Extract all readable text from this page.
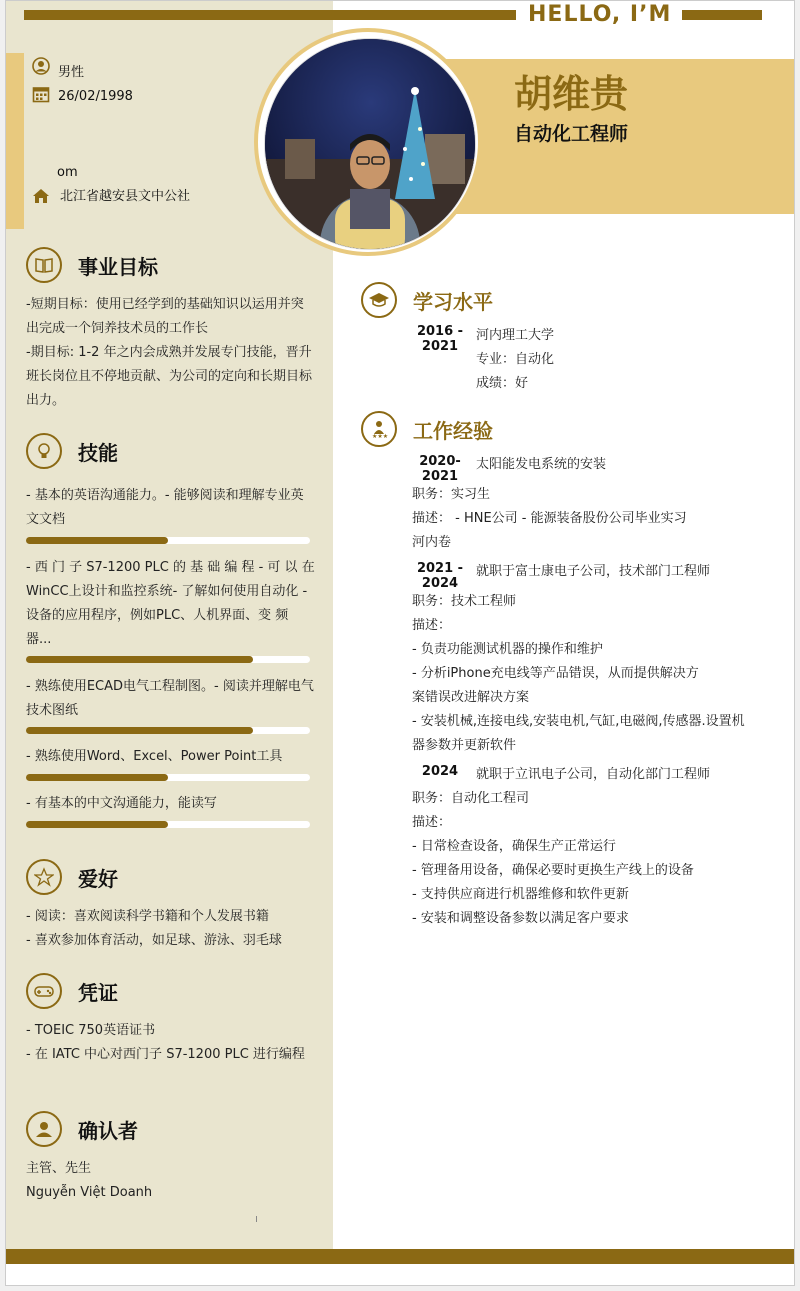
HELLO, I’M
胡维贵
自动化工程师
男性
26/02/1998
om
北江省越安县文中公社
事业目标
-短期目标：使用已经学到的基础知识以运用并突出完成一个饲养技术员的工作长
-期目标: 1-2 年之内会成熟并发展专门技能，晋升班长岗位且不停地贡献、为公司的定向和长期目标出力。
技能
- 基本的英语沟通能力。- 能够阅读和理解专业英文文档
- 西 门 子 S7-1200 PLC 的 基 础 编 程 - 可 以 在WinCC上设计和监控系统- 了解如何使用自动化 - 设备的应用程序，例如PLC、人机界面、变 频 器...
- 熟练使用ECAD电气工程制图。- 阅读并理解电气技术图纸
- 熟练使用Word、Excel、Power Point工具
- 有基本的中文沟通能力，能读写
爱好
- 阅读：喜欢阅读科学书籍和个人发展书籍
- 喜欢参加体育活动，如足球、游泳、羽毛球
凭证
- TOEIC 750英语证书
- 在 IATC 中心对西门子 S7-1200 PLC 进行编程
确认者
主管、先生
Nguyễn Việt Doanh
学习水平
2016 -
2021
河内理工大学
专业：自动化
成绩：好
★★★ 工作经验
2020-
2021
太阳能发电系统的安装
职务：实习生
描述： - HNE公司 - 能源装备股份公司毕业实习
河内卷
2021 -
2024
就职于富士康电子公司，技术部门工程师
职务：技术工程师
描述：
- 负责功能测试机器的操作和维护
- 分析iPhone充电线等产品错误，从而提供解决方
案错误改进解决方案
- 安装机械,连接电线,安装电机,气缸,电磁阀,传感器.设置机
器参数并更新软件
2024	就职于立讯电子公司，自动化部门工程师
职务：自动化工程司
描述：
- 日常检查设备，确保生产正常运行
- 管理备用设备，确保必要时更换生产线上的设备
- 支持供应商进行机器维修和软件更新
- 安装和调整设备参数以满足客户要求
